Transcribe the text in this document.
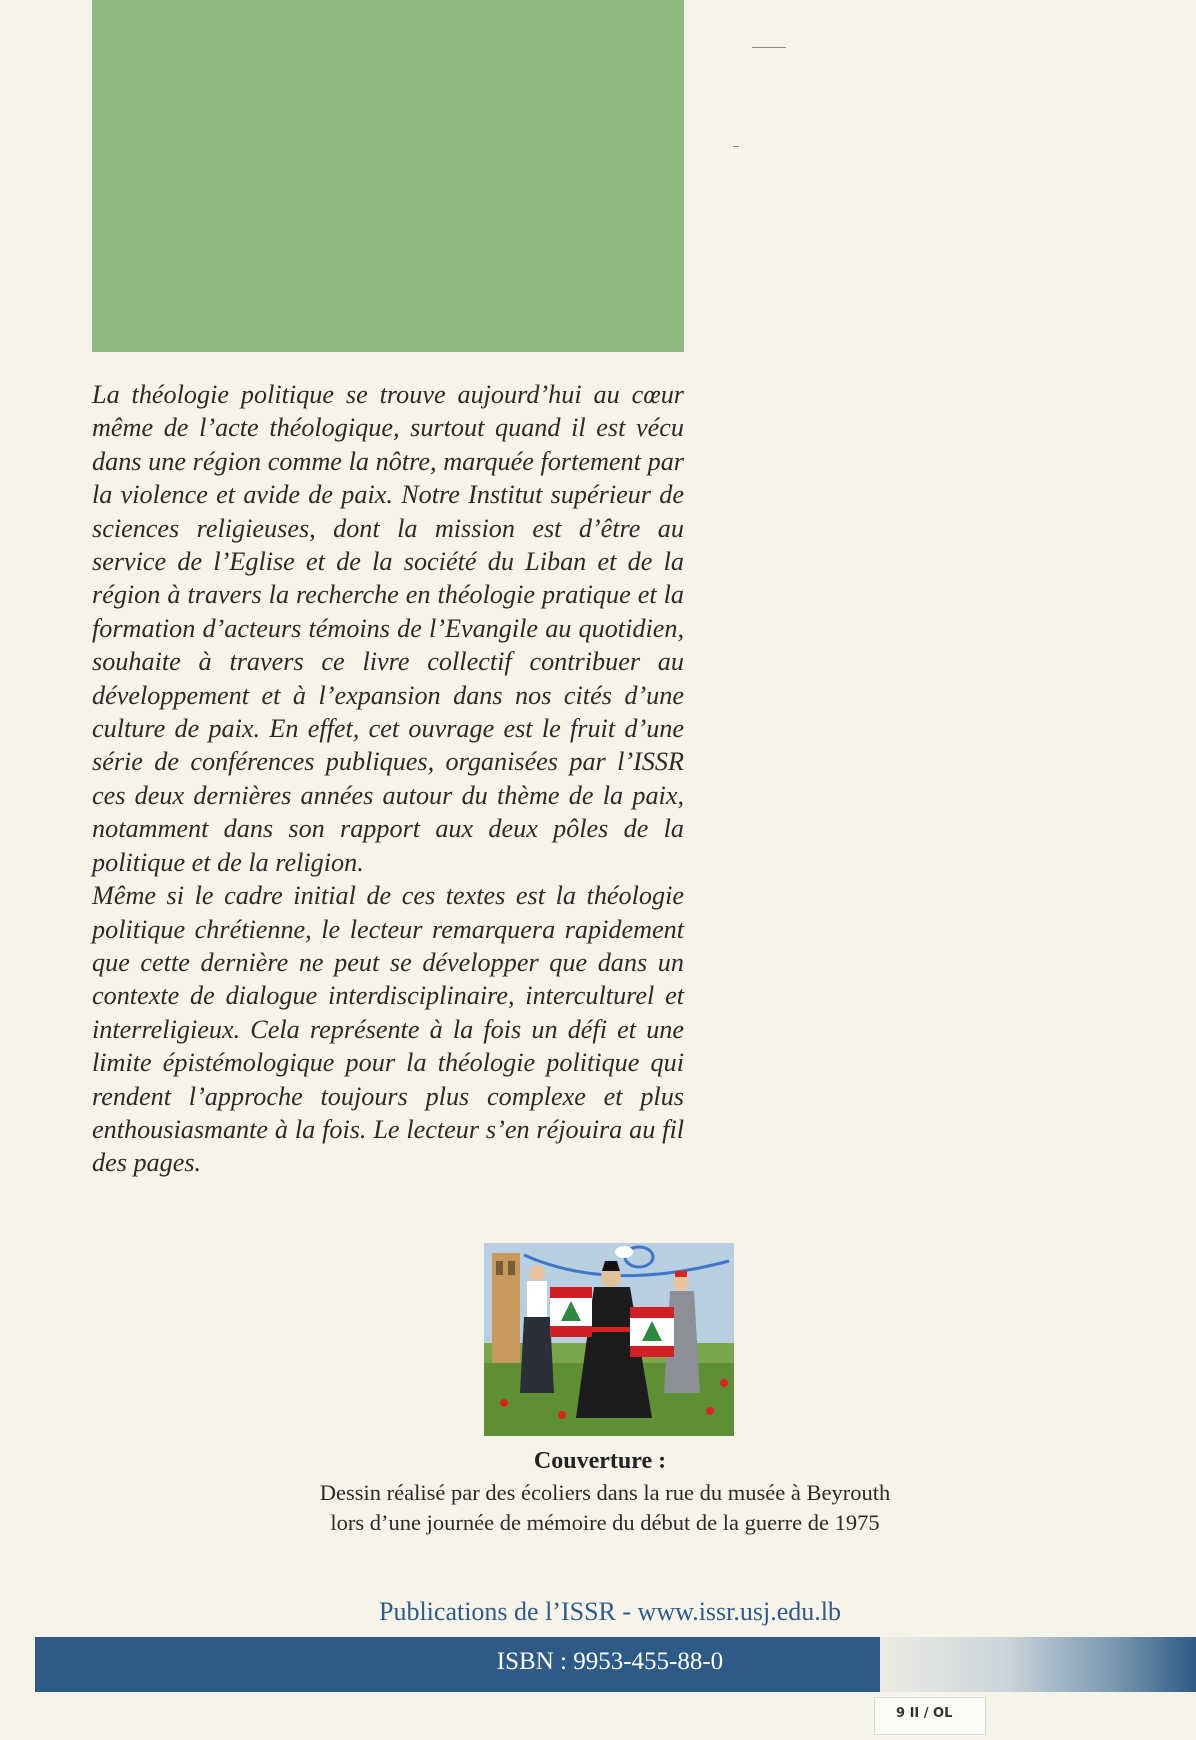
La théologie politique se trouve aujourd’hui au cœur même de l’acte théologique, surtout quand il est vécu dans une région comme la nôtre, marquée fortement par la violence et avide de paix. Notre Institut supérieur de sciences religieuses, dont la mission est d’être au service de l’Eglise et de la société du Liban et de la région à travers la recherche en théologie pratique et la formation d’acteurs témoins de l’Evangile au quotidien, souhaite à travers ce livre collectif contribuer au développement et à l’expansion dans nos cités d’une culture de paix. En effet, cet ouvrage est le fruit d’une série de conférences publiques, organisées par l’ISSR ces deux dernières années autour du thème de la paix, notamment dans son rapport aux deux pôles de la politique et de la religion.

Même si le cadre initial de ces textes est la théologie politique chrétienne, le lecteur remarquera rapidement que cette dernière ne peut se développer que dans un contexte de dialogue interdisciplinaire, interculturel et interreligieux. Cela représente à la fois un défi et une limite épistémologique pour la théologie politique qui rendent l’approche toujours plus complexe et plus enthousiasmante à la fois. Le lecteur s’en réjouira au fil des pages.

Couverture :
Dessin réalisé par des écoliers dans la rue du musée à Beyrouth
lors d’une journée de mémoire du début de la guerre de 1975
Publications de l’ISSR - www.issr.usj.edu.lb
ISBN : 9953-455-88-0
9 II / OL
